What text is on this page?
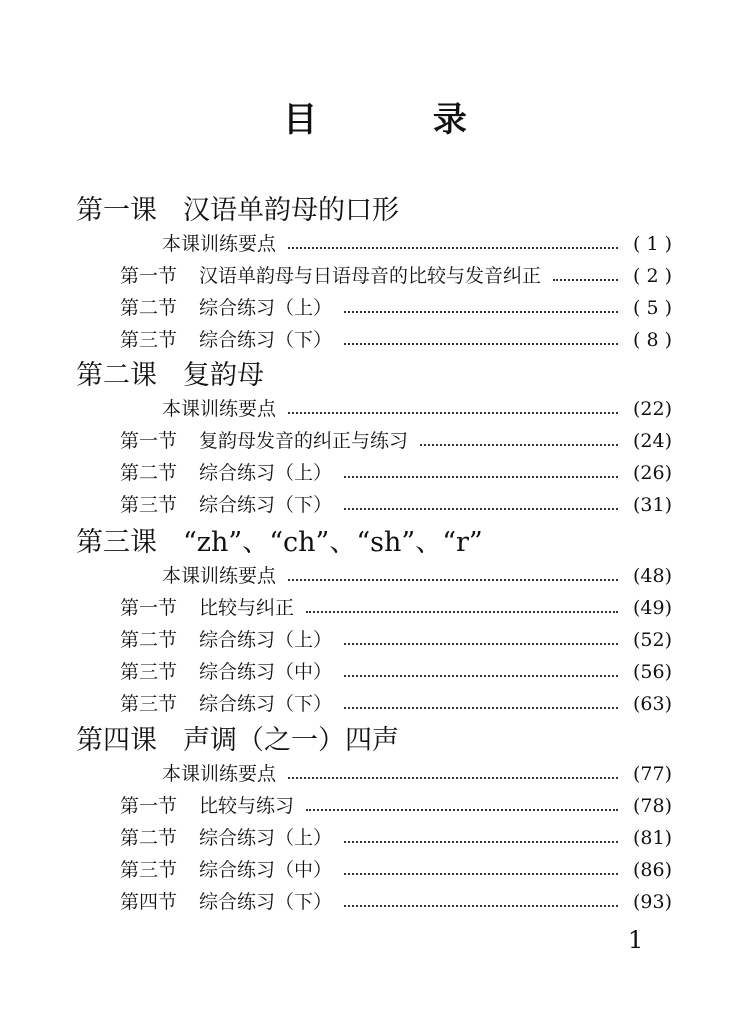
目 录
第一课 汉语单韵母的口形
本课训练要点	( 1 )
第一节 汉语单韵母与日语母音的比较与发音纠正	( 2 )
第二节 综合练习（上）	( 5 )
第三节 综合练习（下）	( 8 )
第二课 复韵母
本课训练要点	(22)
第一节 复韵母发音的纠正与练习	(24)
第二节 综合练习（上）	(26)
第三节 综合练习（下）	(31)
第三课 “zh”、“ch”、“sh”、“r”
本课训练要点	(48)
第一节 比较与纠正	(49)
第二节 综合练习（上）	(52)
第三节 综合练习（中）	(56)
第三节 综合练习（下）	(63)
第四课 声调（之一）四声
本课训练要点	(77)
第一节 比较与练习	(78)
第二节 综合练习（上）	(81)
第三节 综合练习（中）	(86)
第四节 综合练习（下）	(93)
1
